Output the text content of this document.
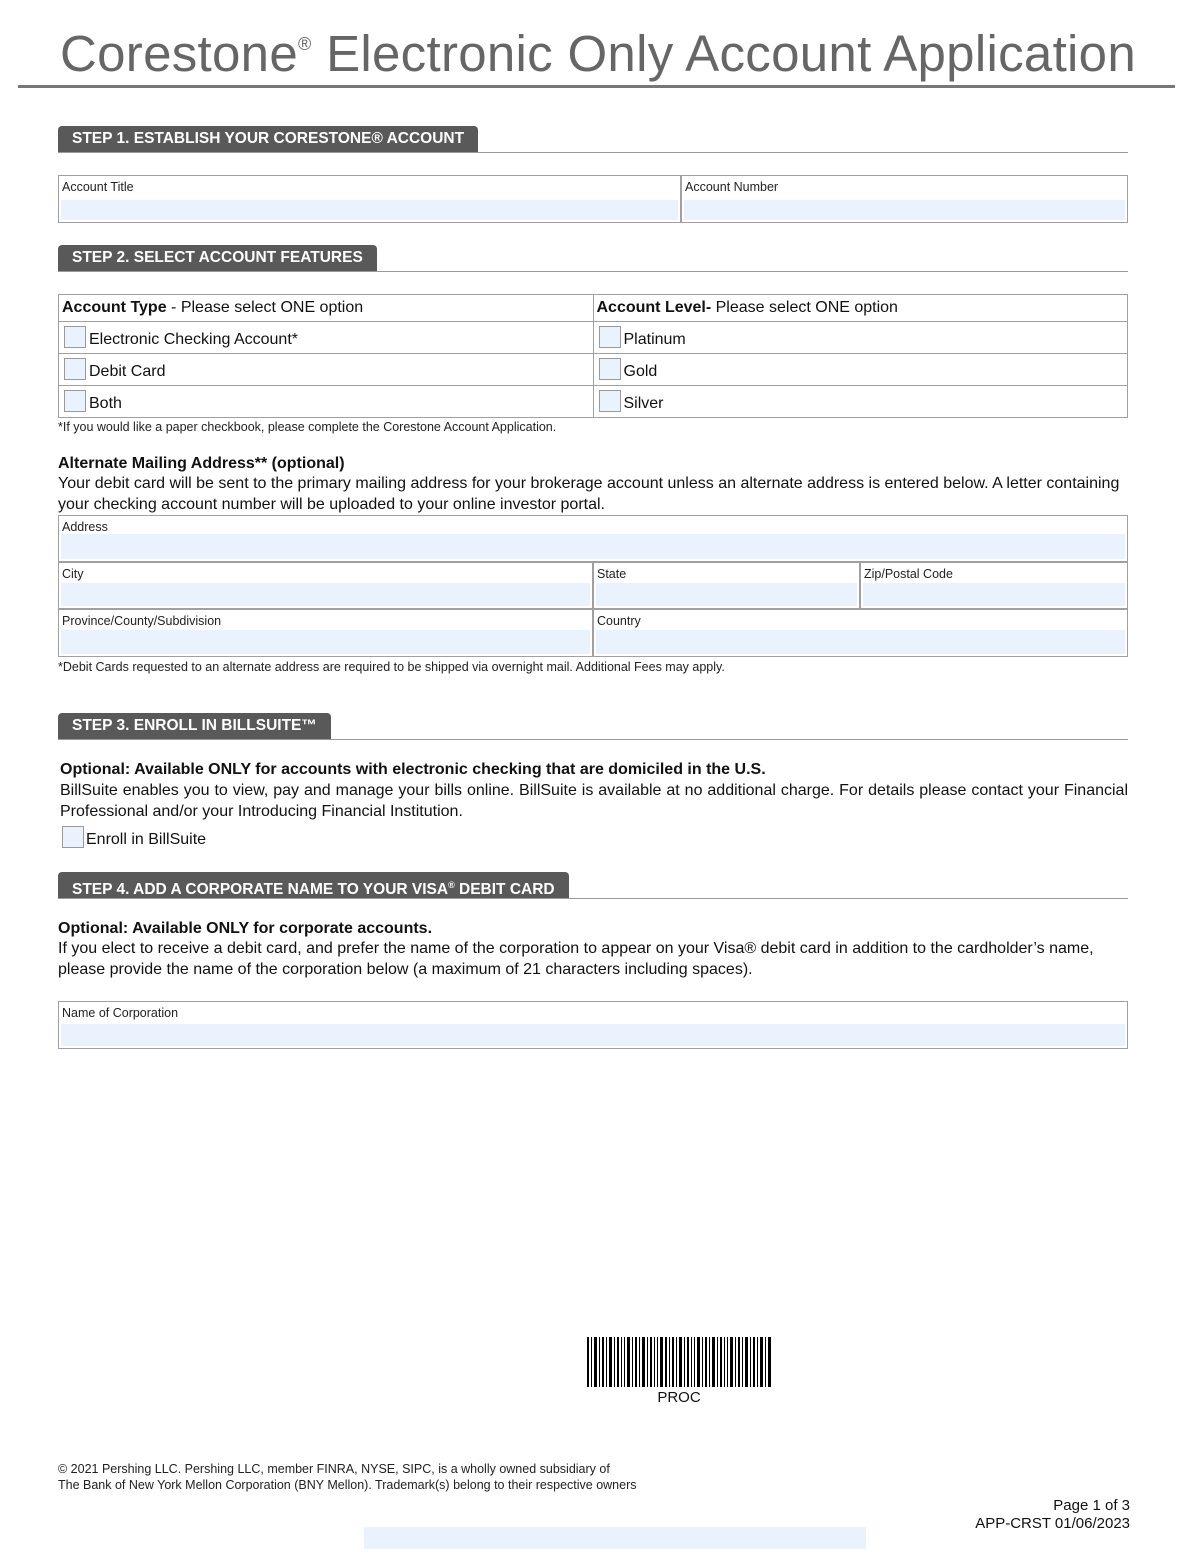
Corestone® Electronic Only Account Application
STEP 1. ESTABLISH YOUR CORESTONE® ACCOUNT
Account Title	Account Number
STEP 2. SELECT ACCOUNT FEATURES
Account Type - Please select ONE option	Account Level- Please select ONE option
Electronic Checking Account*	Platinum
Debit Card	Gold
Both	Silver
*If you would like a paper checkbook, please complete the Corestone Account Application.
Alternate Mailing Address** (optional)
Your debit card will be sent to the primary mailing address for your brokerage account unless an alternate address is entered below. A letter containing your checking account number will be uploaded to your online investor portal.
Address
City	State	Zip/Postal Code
Province/County/Subdivision	Country
*Debit Cards requested to an alternate address are required to be shipped via overnight mail. Additional Fees may apply.
STEP 3. ENROLL IN BILLSUITE™
Optional: Available ONLY for accounts with electronic checking that are domiciled in the U.S.
BillSuite enables you to view, pay and manage your bills online. BillSuite is available at no additional charge. For details please contact your Financial Professional and/or your Introducing Financial Institution.
Enroll in BillSuite
STEP 4. ADD A CORPORATE NAME TO YOUR VISA® DEBIT CARD
Optional: Available ONLY for corporate accounts.
If you elect to receive a debit card, and prefer the name of the corporation to appear on your Visa® debit card in addition to the cardholder’s name, please provide the name of the corporation below (a maximum of 21 characters including spaces).
Name of Corporation
PROC
© 2021 Pershing LLC. Pershing LLC, member FINRA, NYSE, SIPC, is a wholly owned subsidiary of
The Bank of New York Mellon Corporation (BNY Mellon). Trademark(s) belong to their respective owners
Page 1 of 3
APP-CRST 01/06/2023
